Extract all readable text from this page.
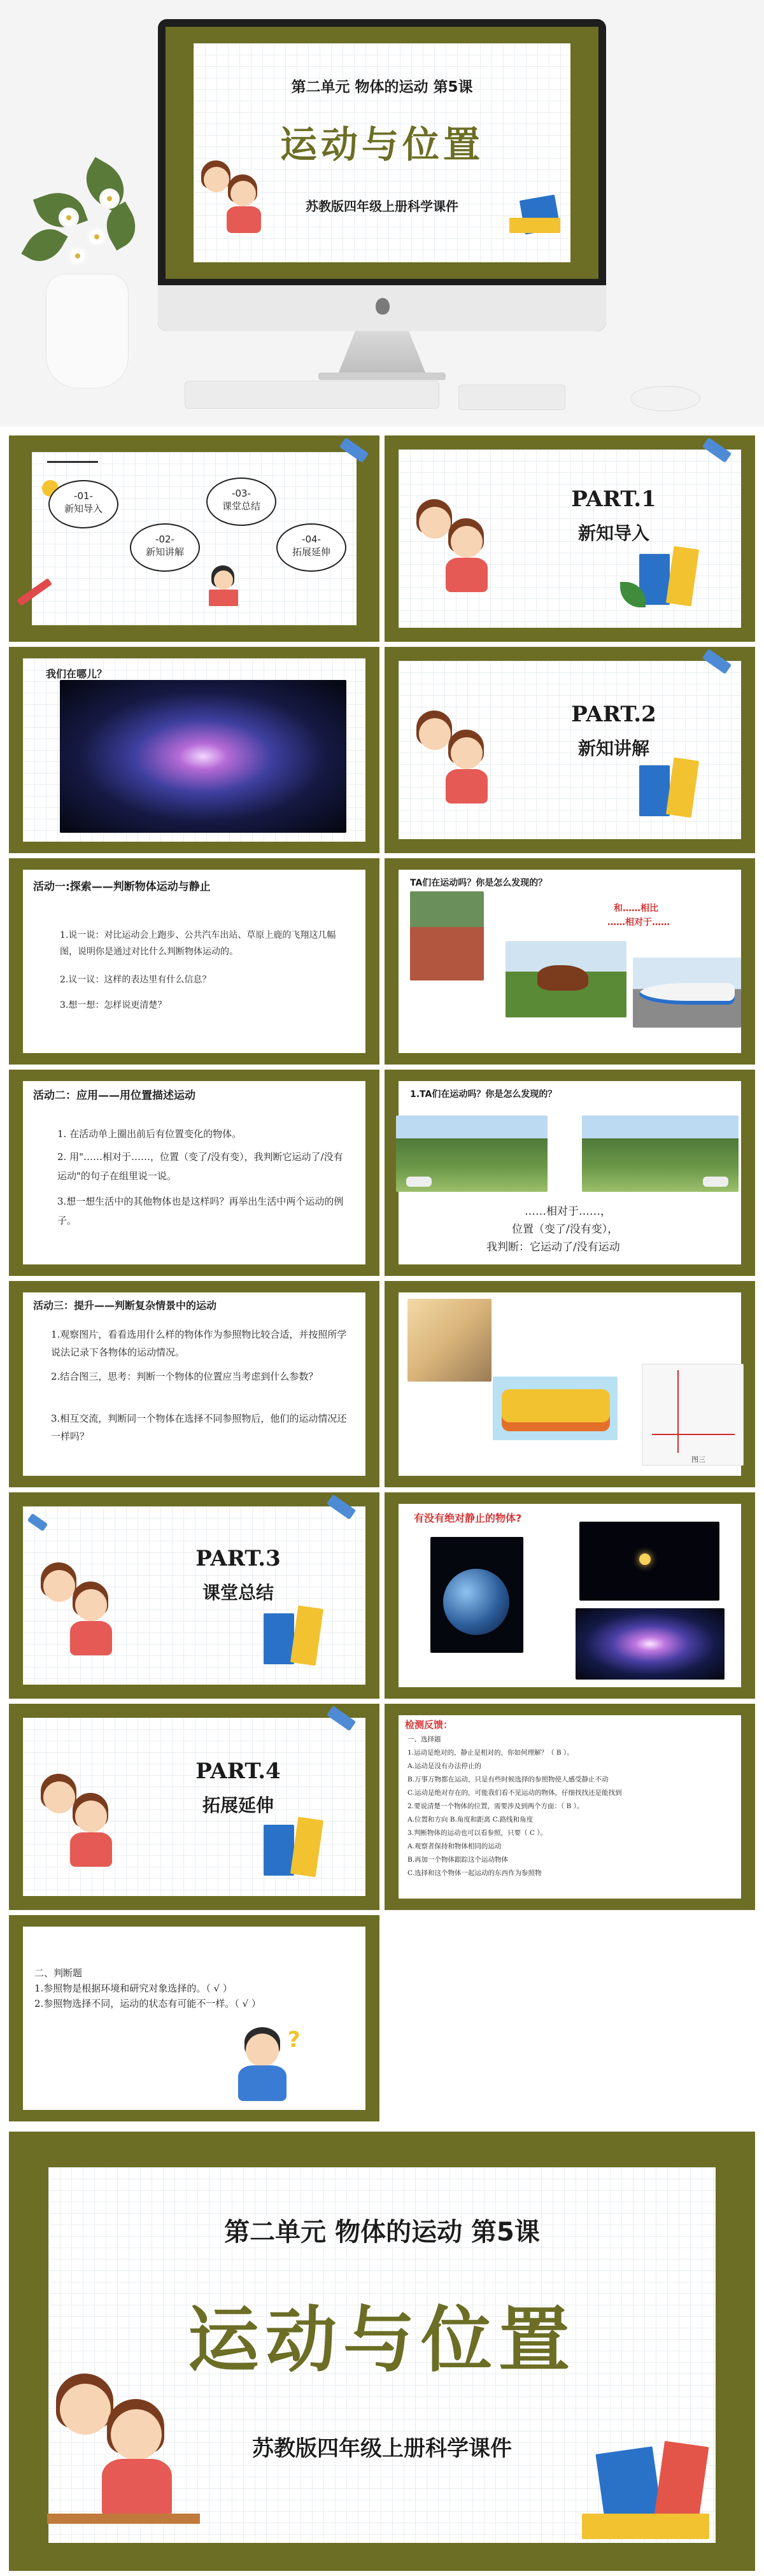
第二单元 物体的运动 第5课
运动与位置
苏教版四年级上册科学课件
-01-
新知导入
-02-
新知讲解
-03-
课堂总结
-04-
拓展延伸
PART.1
新知导入
我们在哪儿？
PART.2
新知讲解
活动一:探索——判断物体运动与静止
1.说一说：对比运动会上跑步、公共汽车出站、草原上鹿的飞翔这几幅图，说明你是通过对比什么判断物体运动的。
2.议一议：这样的表达里有什么信息？
3.想一想：怎样说更清楚？
TA们在运动吗？你是怎么发现的？
和……相比
……相对于……
活动二：应用——用位置描述运动
1. 在活动单上圈出前后有位置变化的物体。
2. 用"……相对于……，位置（变了/没有变），我判断它运动了/没有运动"的句子在组里说一说。
3.想一想生活中的其他物体也是这样吗？再举出生活中两个运动的例子。
1.TA们在运动吗？你是怎么发现的？
……相对于……，
位置（变了/没有变），
我判断：它运动了/没有运动
活动三：提升——判断复杂情景中的运动
1.观察图片，看看选用什么样的物体作为参照物比较合适，并按照所学说法记录下各物体的运动情况。
2.结合图三，思考：判断一个物体的位置应当考虑到什么参数？
3.相互交流，判断同一个物体在选择不同参照物后，他们的运动情况还一样吗？
图三
PART.3
课堂总结
有没有绝对静止的物体?
PART.4
拓展延伸
检测反馈：
一、选择题
1.运动是绝对的，静止是相对的，你如何理解？（ B ）。
A.运动是没有办法停止的
B.万事万物都在运动，只是有些时候选择的参照物使人感受静止不动
C.运动是绝对存在的，可能我们看不见运动的物体，仔细找找还是能找到
2.要说清楚一个物体的位置，需要涉及到两个方面：（ B ）。
A.位置和方向 B.角度和距离 C.路线和角度
3.判断物体的运动也可以看参照，只要（ C ）。
A.观察者保持和物体相同的运动
B.再加一个物体跟踪这个运动物体
C.选择和这个物体一起运动的东西作为参照物
二、判断题
1.参照物是根据环境和研究对象选择的。（ √ ）
2.参照物选择不同，运动的状态有可能不一样。（ √ ）
?
第二单元 物体的运动 第5课
运动与位置
苏教版四年级上册科学课件
